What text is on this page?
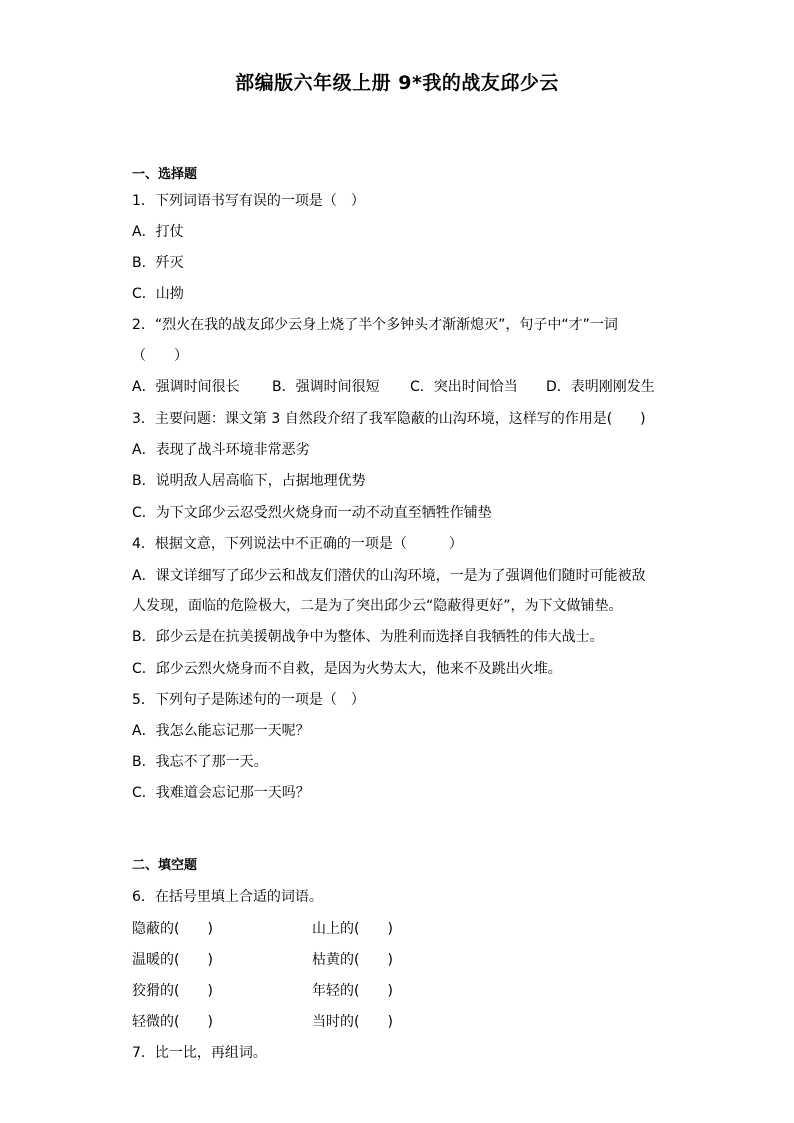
部编版六年级上册 9*我的战友邱少云
一、选择题
1．下列词语书写有误的一项是（　）
A．打仗
B．歼灭
C．山拗
2．“烈火在我的战友邱少云身上烧了半个多钟头才渐渐熄灭”，句子中“才”一词
（　　）
A．强调时间很长 B．强调时间很短 C．突出时间恰当 D．表明刚刚发生
3．主要问题：课文第 3 自然段介绍了我军隐蔽的山沟环境，这样写的作用是(　　)
A．表现了战斗环境非常恶劣
B．说明敌人居高临下，占据地理优势
C．为下文邱少云忍受烈火烧身而一动不动直至牺牲作铺垫
4．根据文意，下列说法中不正确的一项是（　　　）
A．课文详细写了邱少云和战友们潜伏的山沟环境，一是为了强调他们随时可能被敌
人发现，面临的危险极大，二是为了突出邱少云“隐蔽得更好”，为下文做铺垫。
B．邱少云是在抗美援朝战争中为整体、为胜利而选择自我牺牲的伟大战士。
C．邱少云烈火烧身而不自救，是因为火势太大，他来不及跳出火堆。
5．下列句子是陈述句的一项是（　）
A．我怎么能忘记那一天呢？
B．我忘不了那一天。
C．我难道会忘记那一天吗？
二、填空题
6．在括号里填上合适的词语。
隐蔽的(　　)	山上的(　　)
温暖的(　　)	枯黄的(　　)
狡猾的(　　)	年轻的(　　)
轻微的(　　)	当时的(　　)
7．比一比，再组词。
